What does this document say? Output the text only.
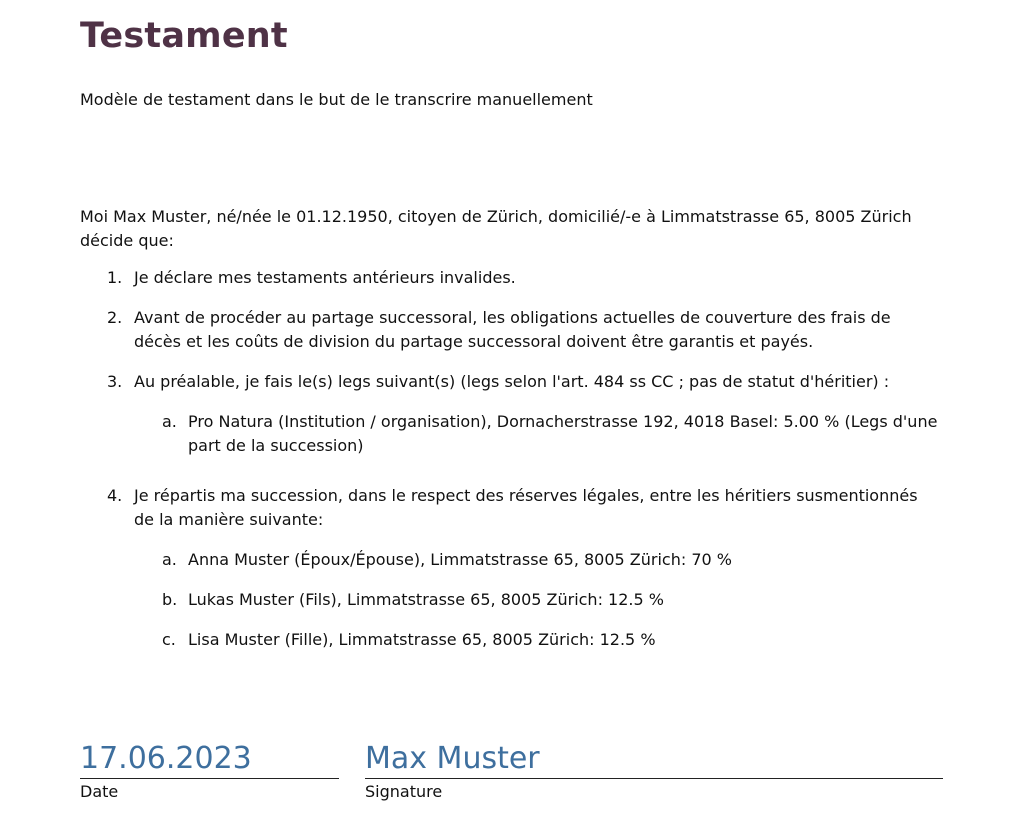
Testament
Modèle de testament dans le but de le transcrire manuellement

Moi Max Muster, né/née le 01.12.1950, citoyen de Zürich, domicilié/-e à Limmatstrasse 65, 8005 Zürich décide que:

1. Je déclare mes testaments antérieurs invalides.
2. Avant de procéder au partage successoral, les obligations actuelles de couverture des frais de décès et les coûts de division du partage successoral doivent être garantis et payés.
3. Au préalable, je fais le(s) legs suivant(s) (legs selon l'art. 484 ss CC ; pas de statut d'héritier) :
a. Pro Natura (Institution / organisation), Dornacherstrasse 192, 4018 Basel: 5.00 % (Legs d'une part de la succession)
4. Je répartis ma succession, dans le respect des réserves légales, entre les héritiers susmentionnés de la manière suivante:
a. Anna Muster (Époux/Épouse), Limmatstrasse 65, 8005 Zürich: 70 %
b. Lukas Muster (Fils), Limmatstrasse 65, 8005 Zürich: 12.5 %
c. Lisa Muster (Fille), Limmatstrasse 65, 8005 Zürich: 12.5 %
17.06.2023
Date
Max Muster
Signature
